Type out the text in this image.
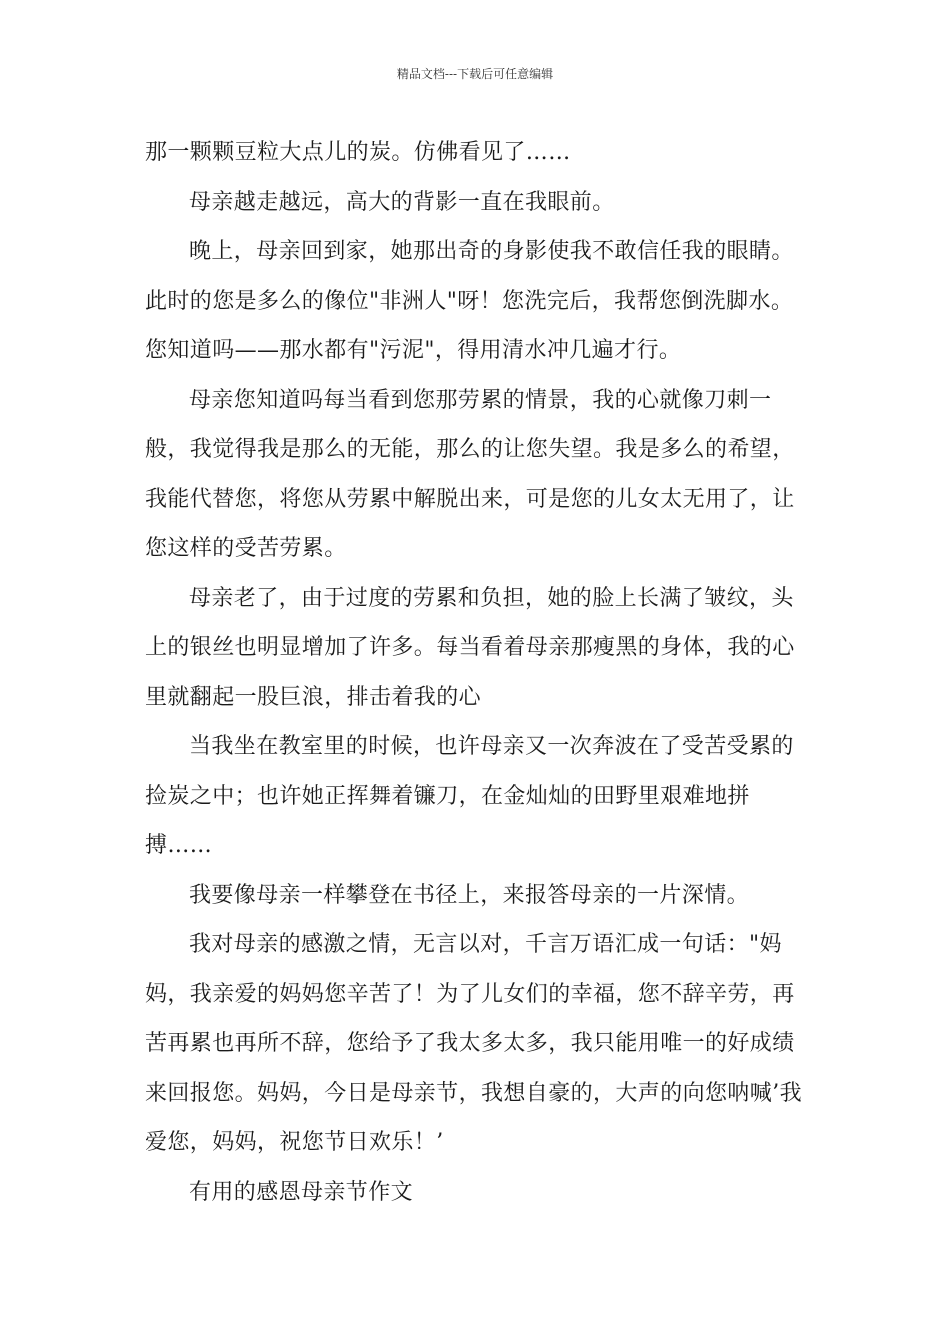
精品文档---下载后可任意编辑

那一颗颗豆粒大点儿的炭。仿佛看见了……

母亲越走越远，高大的背影一直在我眼前。

晚上，母亲回到家，她那出奇的身影使我不敢信任我的眼睛。此时的您是多么的像位"非洲人"呀！您洗完后，我帮您倒洗脚水。您知道吗——那水都有"污泥"，得用清水冲几遍才行。

母亲您知道吗每当看到您那劳累的情景，我的心就像刀刺一般，我觉得我是那么的无能，那么的让您失望。我是多么的希望，我能代替您，将您从劳累中解脱出来，可是您的儿女太无用了，让您这样的受苦劳累。

母亲老了，由于过度的劳累和负担，她的脸上长满了皱纹，头上的银丝也明显增加了许多。每当看着母亲那瘦黑的身体，我的心里就翻起一股巨浪，排击着我的心

当我坐在教室里的时候，也许母亲又一次奔波在了受苦受累的捡炭之中；也许她正挥舞着镰刀，在金灿灿的田野里艰难地拼搏……

我要像母亲一样攀登在书径上，来报答母亲的一片深情。

我对母亲的感激之情，无言以对，千言万语汇成一句话："妈妈，我亲爱的妈妈您辛苦了！为了儿女们的幸福，您不辞辛劳，再苦再累也再所不辞，您给予了我太多太多，我只能用唯一的好成绩来回报您。妈妈，今日是母亲节，我想自豪的，大声的向您呐喊’我爱您，妈妈，祝您节日欢乐！’

有用的感恩母亲节作文
